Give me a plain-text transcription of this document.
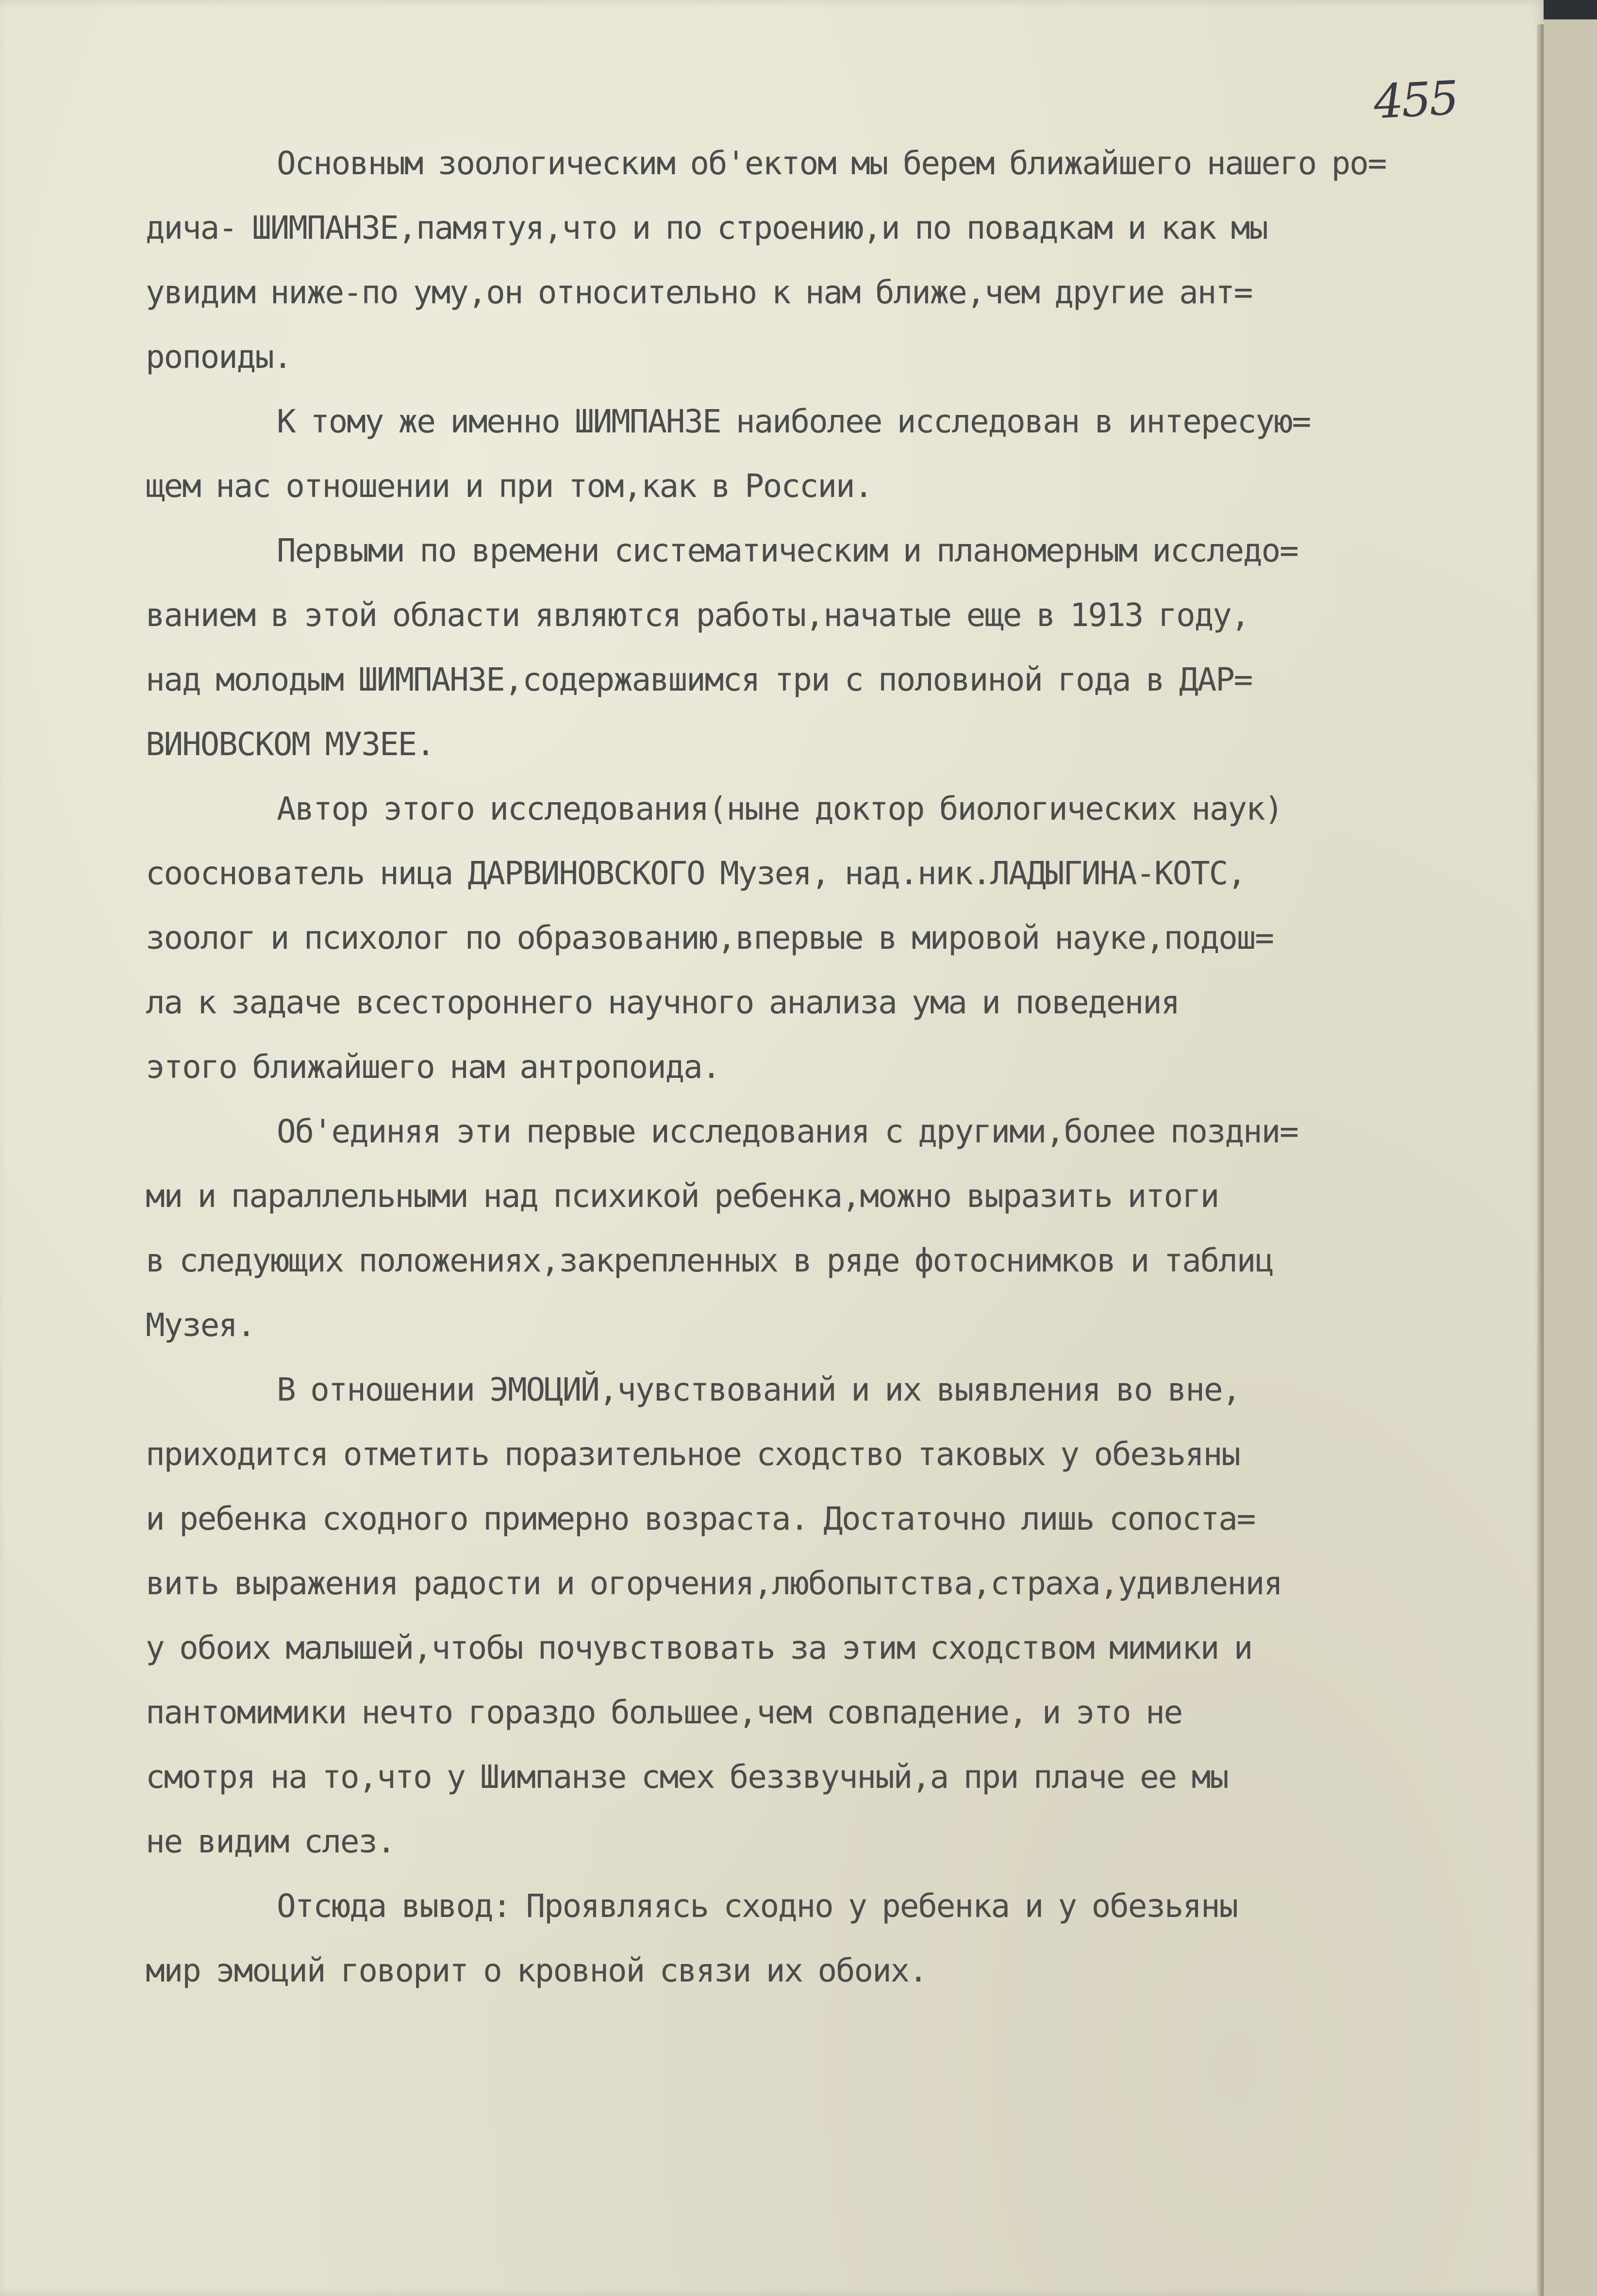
455

Основным зоологическим об'ектом мы берем ближайшего нашего ро=
дича- ШИМПАНЗЕ,памятуя,что и по строению,и по повадкам и как мы
увидим ниже-по уму,он относительно к нам ближе,чем другие ант=
ропоиды.

К тому же именно ШИМПАНЗЕ наиболее исследован в интересую=
щем нас отношении и при том,как в России.

Первыми по времени систематическим и планомерным исследо=
ванием в этой области являются работы,начатые еще в 1913 году,
над молодым ШИМПАНЗЕ,содержавшимся три с половиной года в ДАР=
ВИНОВСКОМ МУЗЕЕ.

Автор этого исследования(ныне доктор биологических наук)
сооснователь ница ДАРВИНОВСКОГО Музея, над.ник.ЛАДЫГИНА-КОТС,
зоолог и психолог по образованию,впервые в мировой науке,подош=
ла к задаче всестороннего научного анализа ума и поведения
этого ближайшего нам антропоида.

Об'единяя эти первые исследования с другими,более поздни=
ми и параллельными над психикой ребенка,можно выразить итоги
в следующих положениях,закрепленных в ряде фотоснимков и таблиц
Музея.

В отношении ЭМОЦИЙ,чувствований и их выявления во вне,
приходится отметить поразительное сходство таковых у обезьяны
и ребенка сходного примерно возраста. Достаточно лишь сопоста=
вить выражения радости и огорчения,любопытства,страха,удивления
у обоих малышей,чтобы почувствовать за этим сходством мимики и
пантомимики нечто гораздо большее,чем совпадение, и это не
смотря на то,что у Шимпанзе смех беззвучный,а при плаче ее мы
не видим слез.

Отсюда вывод: Проявляясь сходно у ребенка и у обезьяны
мир эмоций говорит о кровной связи их обоих.
